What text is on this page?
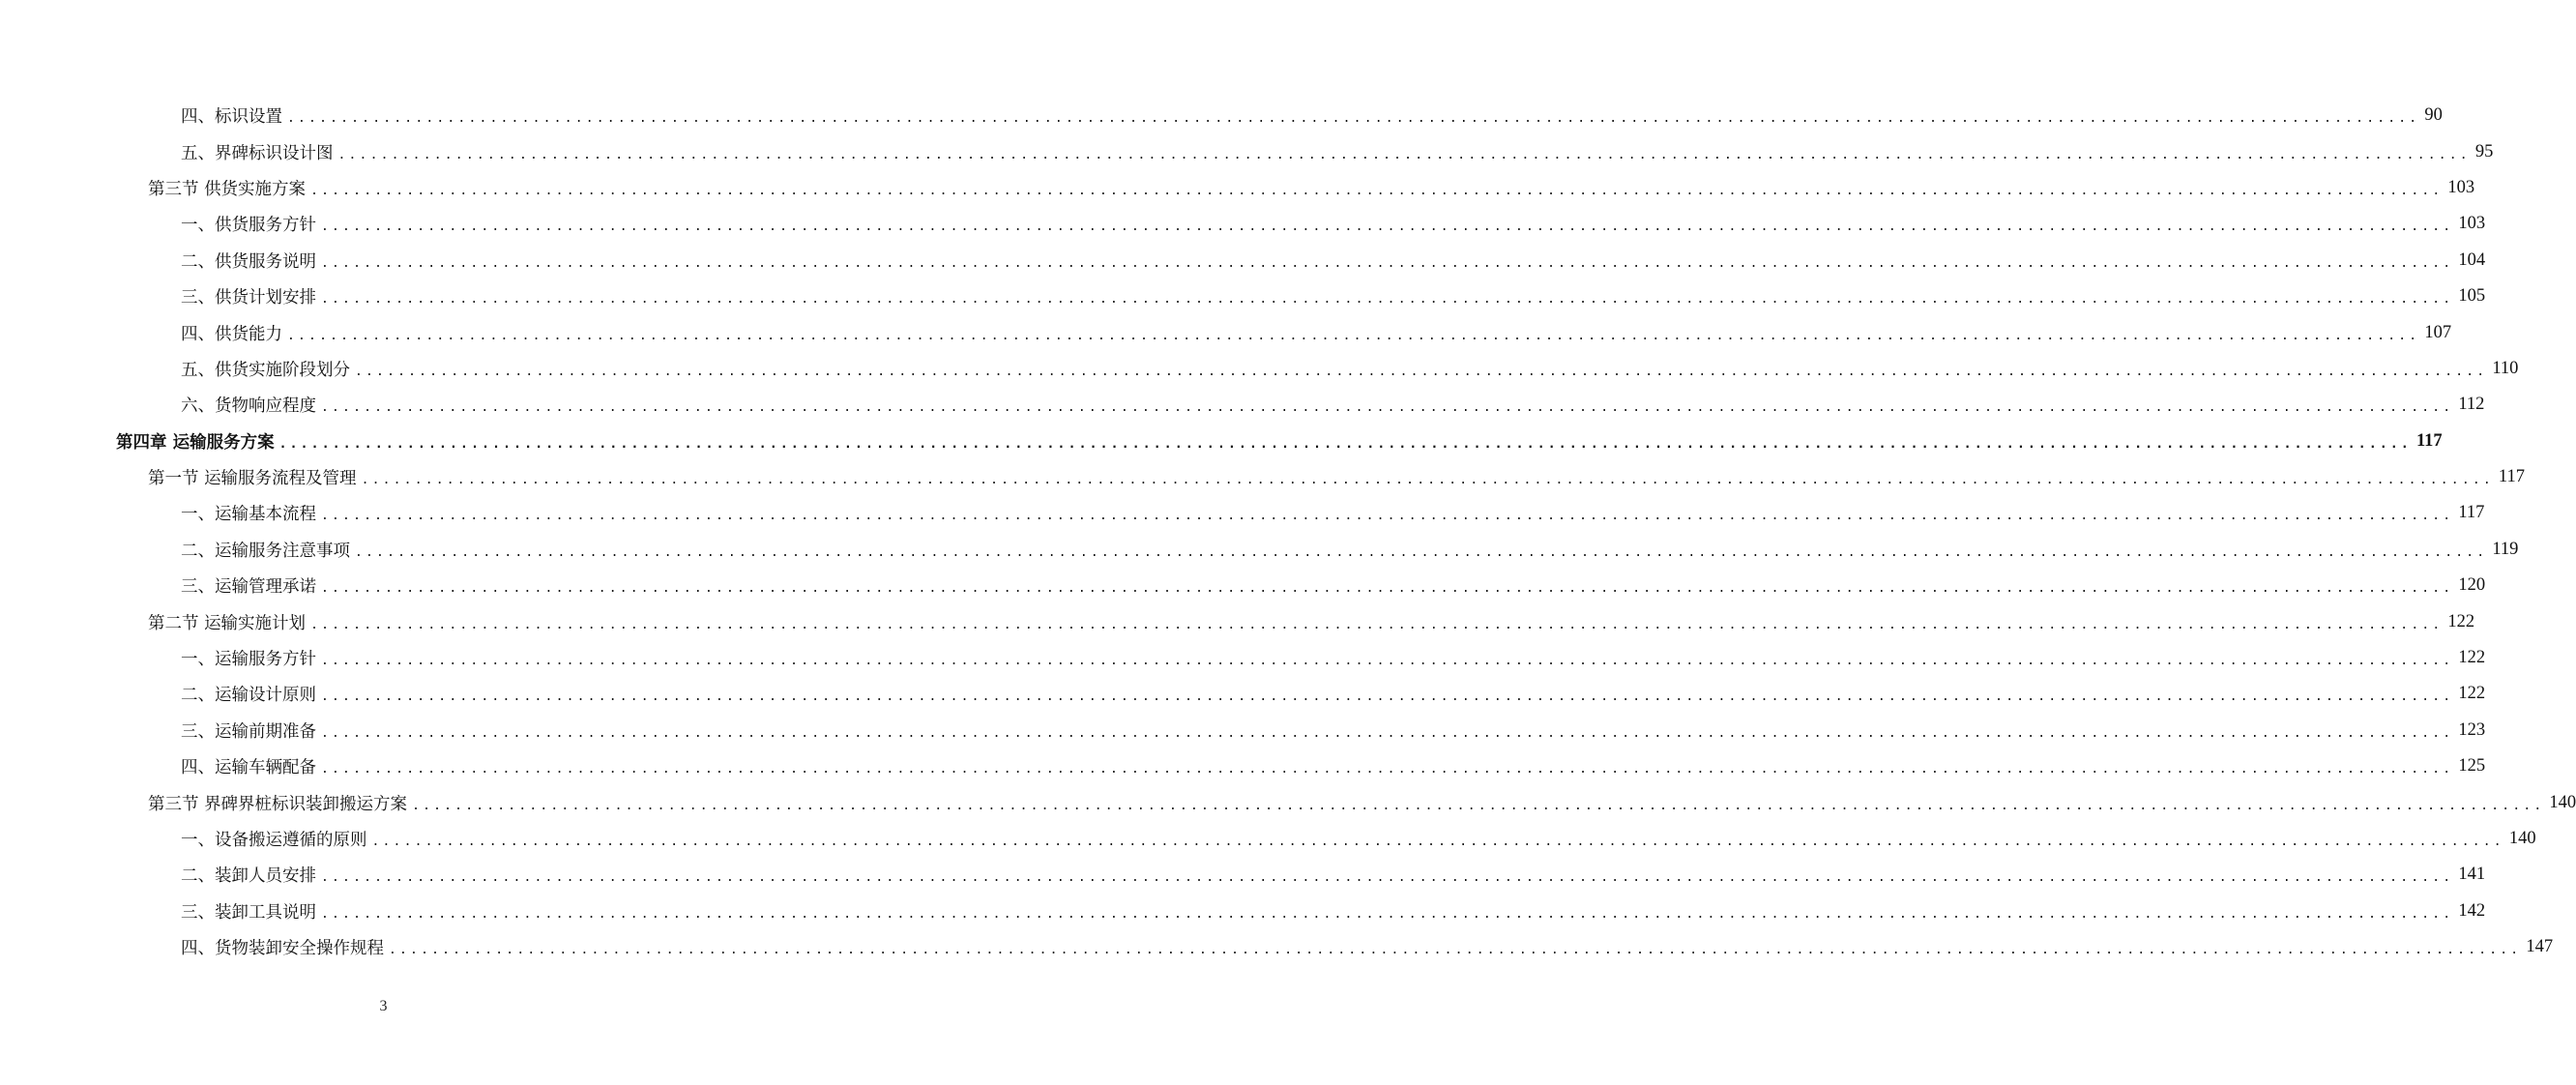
四、标识设置 ........................................................................................................................................................................................................ 90
五、界碑标识设计图 ........................................................................................................................................................................................................ 95
第三节 供货实施方案 ........................................................................................................................................................................................................ 103
一、供货服务方针 ........................................................................................................................................................................................................ 103
二、供货服务说明 ........................................................................................................................................................................................................ 104
三、供货计划安排 ........................................................................................................................................................................................................ 105
四、供货能力 ........................................................................................................................................................................................................ 107
五、供货实施阶段划分 ........................................................................................................................................................................................................ 110
六、货物响应程度 ........................................................................................................................................................................................................ 112
第四章 运输服务方案 ........................................................................................................................................................................................................ 117
第一节 运输服务流程及管理 ........................................................................................................................................................................................................ 117
一、运输基本流程 ........................................................................................................................................................................................................ 117
二、运输服务注意事项 ........................................................................................................................................................................................................ 119
三、运输管理承诺 ........................................................................................................................................................................................................ 120
第二节 运输实施计划 ........................................................................................................................................................................................................ 122
一、运输服务方针 ........................................................................................................................................................................................................ 122
二、运输设计原则 ........................................................................................................................................................................................................ 122
三、运输前期准备 ........................................................................................................................................................................................................ 123
四、运输车辆配备 ........................................................................................................................................................................................................ 125
第三节 界碑界桩标识装卸搬运方案 ........................................................................................................................................................................................................ 140
一、设备搬运遵循的原则 ........................................................................................................................................................................................................ 140
二、装卸人员安排 ........................................................................................................................................................................................................ 141
三、装卸工具说明 ........................................................................................................................................................................................................ 142
四、货物装卸安全操作规程 ........................................................................................................................................................................................................ 147
3
